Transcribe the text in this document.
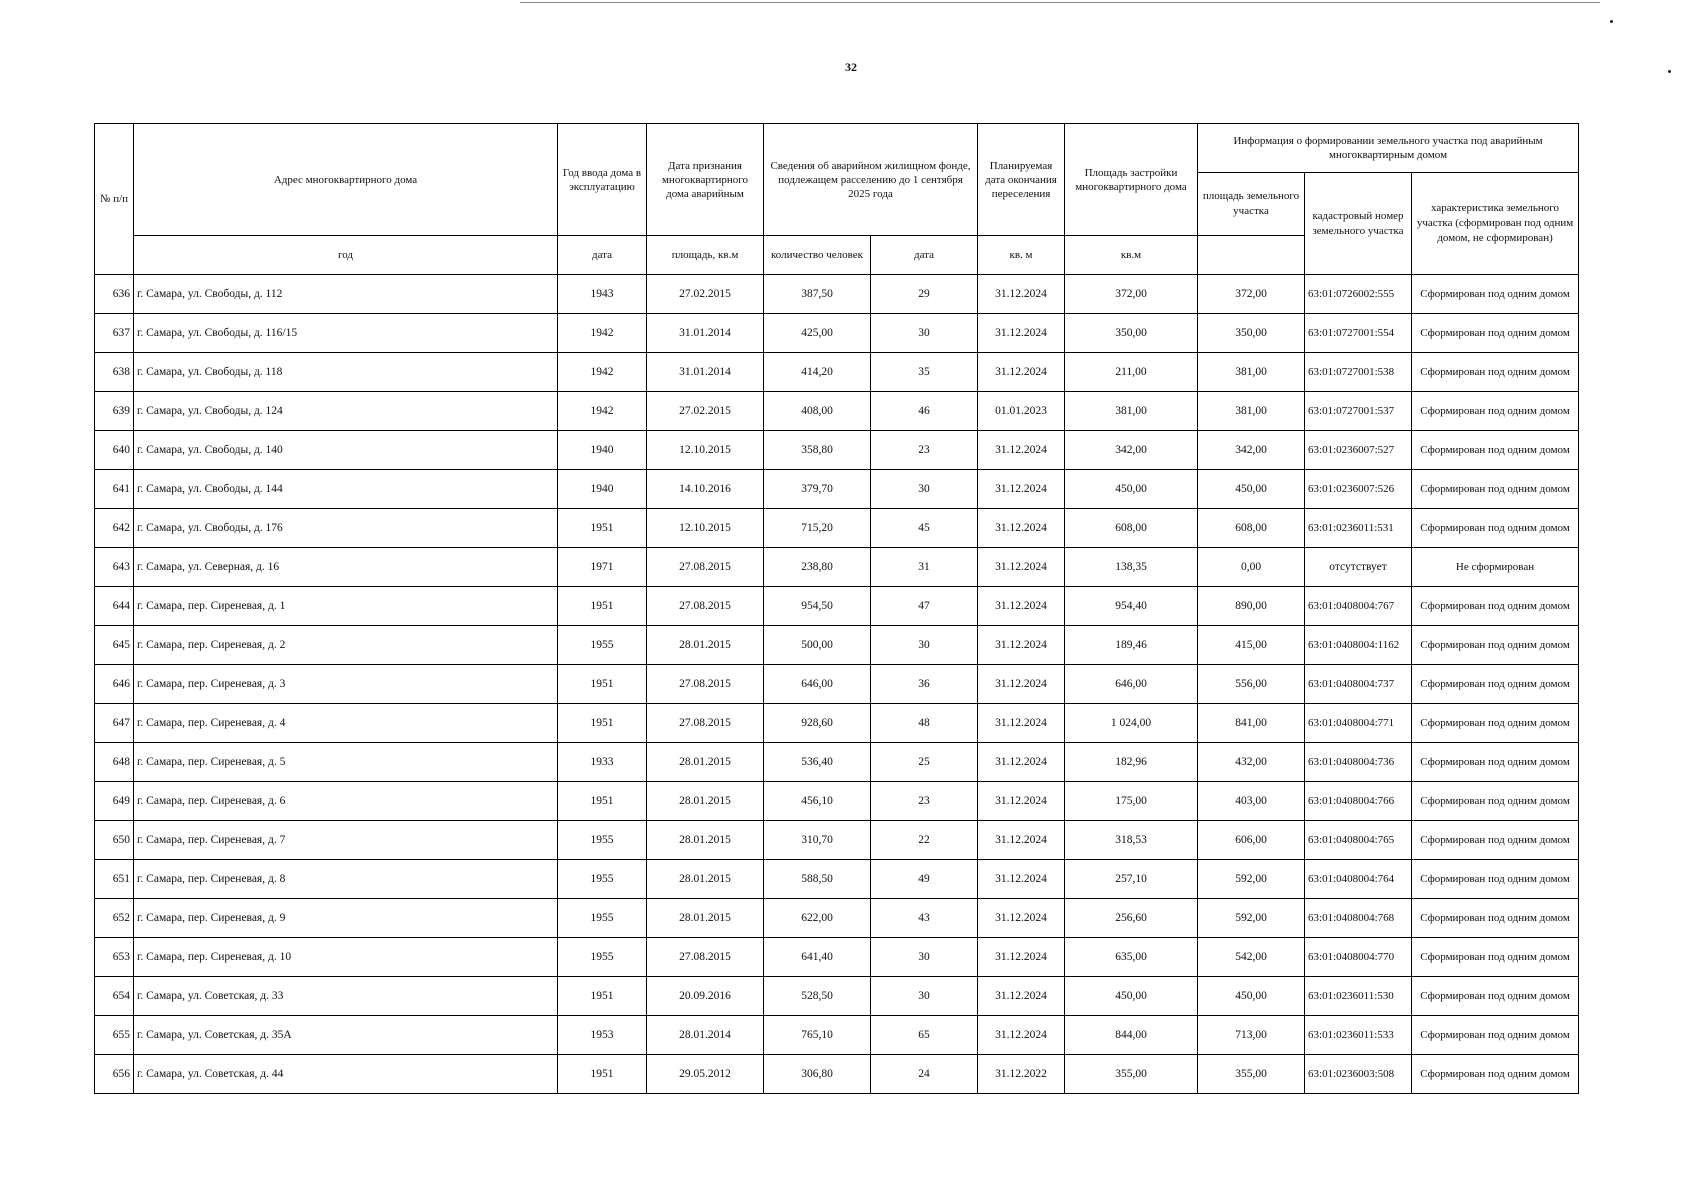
32
№ п/п	Адрес многоквартирного дома	Год ввода дома в эксплуатацию	Дата признания многоквартирного дома аварийным	Сведения об аварийном жилищном фонде, подлежащем расселению до 1 сентября 2025 года		Планируемая дата окончания переселения	Площадь застройки многоквартирного дома	Информация о формировании земельного участка под аварийным многоквартирным домом		
								площадь земельного участка	кадастровый номер земельного участка	характеристика земельного участка (сформирован под одним домом, не сформирован)
	год	дата	площадь, кв.м	количество человек	дата	кв. м	кв.м			
636	г. Самара, ул. Свободы, д. 112	1943	27.02.2015	387,50	29	31.12.2024	372,00	372,00	63:01:0726002:555	Сформирован под одним домом
637	г. Самара, ул. Свободы, д. 116/15	1942	31.01.2014	425,00	30	31.12.2024	350,00	350,00	63:01:0727001:554	Сформирован под одним домом
638	г. Самара, ул. Свободы, д. 118	1942	31.01.2014	414,20	35	31.12.2024	211,00	381,00	63:01:0727001:538	Сформирован под одним домом
639	г. Самара, ул. Свободы, д. 124	1942	27.02.2015	408,00	46	01.01.2023	381,00	381,00	63:01:0727001:537	Сформирован под одним домом
640	г. Самара, ул. Свободы, д. 140	1940	12.10.2015	358,80	23	31.12.2024	342,00	342,00	63:01:0236007:527	Сформирован под одним домом
641	г. Самара, ул. Свободы, д. 144	1940	14.10.2016	379,70	30	31.12.2024	450,00	450,00	63:01:0236007:526	Сформирован под одним домом
642	г. Самара, ул. Свободы, д. 176	1951	12.10.2015	715,20	45	31.12.2024	608,00	608,00	63:01:0236011:531	Сформирован под одним домом
643	г. Самара, ул. Северная, д. 16	1971	27.08.2015	238,80	31	31.12.2024	138,35	0,00	отсутствует	Не сформирован
644	г. Самара, пер. Сиреневая, д. 1	1951	27.08.2015	954,50	47	31.12.2024	954,40	890,00	63:01:0408004:767	Сформирован под одним домом
645	г. Самара, пер. Сиреневая, д. 2	1955	28.01.2015	500,00	30	31.12.2024	189,46	415,00	63:01:0408004:1162	Сформирован под одним домом
646	г. Самара, пер. Сиреневая, д. 3	1951	27.08.2015	646,00	36	31.12.2024	646,00	556,00	63:01:0408004:737	Сформирован под одним домом
647	г. Самара, пер. Сиреневая, д. 4	1951	27.08.2015	928,60	48	31.12.2024	1 024,00	841,00	63:01:0408004:771	Сформирован под одним домом
648	г. Самара, пер. Сиреневая, д. 5	1933	28.01.2015	536,40	25	31.12.2024	182,96	432,00	63:01:0408004:736	Сформирован под одним домом
649	г. Самара, пер. Сиреневая, д. 6	1951	28.01.2015	456,10	23	31.12.2024	175,00	403,00	63:01:0408004:766	Сформирован под одним домом
650	г. Самара, пер. Сиреневая, д. 7	1955	28.01.2015	310,70	22	31.12.2024	318,53	606,00	63:01:0408004:765	Сформирован под одним домом
651	г. Самара, пер. Сиреневая, д. 8	1955	28.01.2015	588,50	49	31.12.2024	257,10	592,00	63:01:0408004:764	Сформирован под одним домом
652	г. Самара, пер. Сиреневая, д. 9	1955	28.01.2015	622,00	43	31.12.2024	256,60	592,00	63:01:0408004:768	Сформирован под одним домом
653	г. Самара, пер. Сиреневая, д. 10	1955	27.08.2015	641,40	30	31.12.2024	635,00	542,00	63:01:0408004:770	Сформирован под одним домом
654	г. Самара, ул. Советская, д. 33	1951	20.09.2016	528,50	30	31.12.2024	450,00	450,00	63:01:0236011:530	Сформирован под одним домом
655	г. Самара, ул. Советская, д. 35А	1953	28.01.2014	765,10	65	31.12.2024	844,00	713,00	63:01:0236011:533	Сформирован под одним домом
656	г. Самара, ул. Советская, д. 44	1951	29.05.2012	306,80	24	31.12.2022	355,00	355,00	63:01:0236003:508	Сформирован под одним домом
